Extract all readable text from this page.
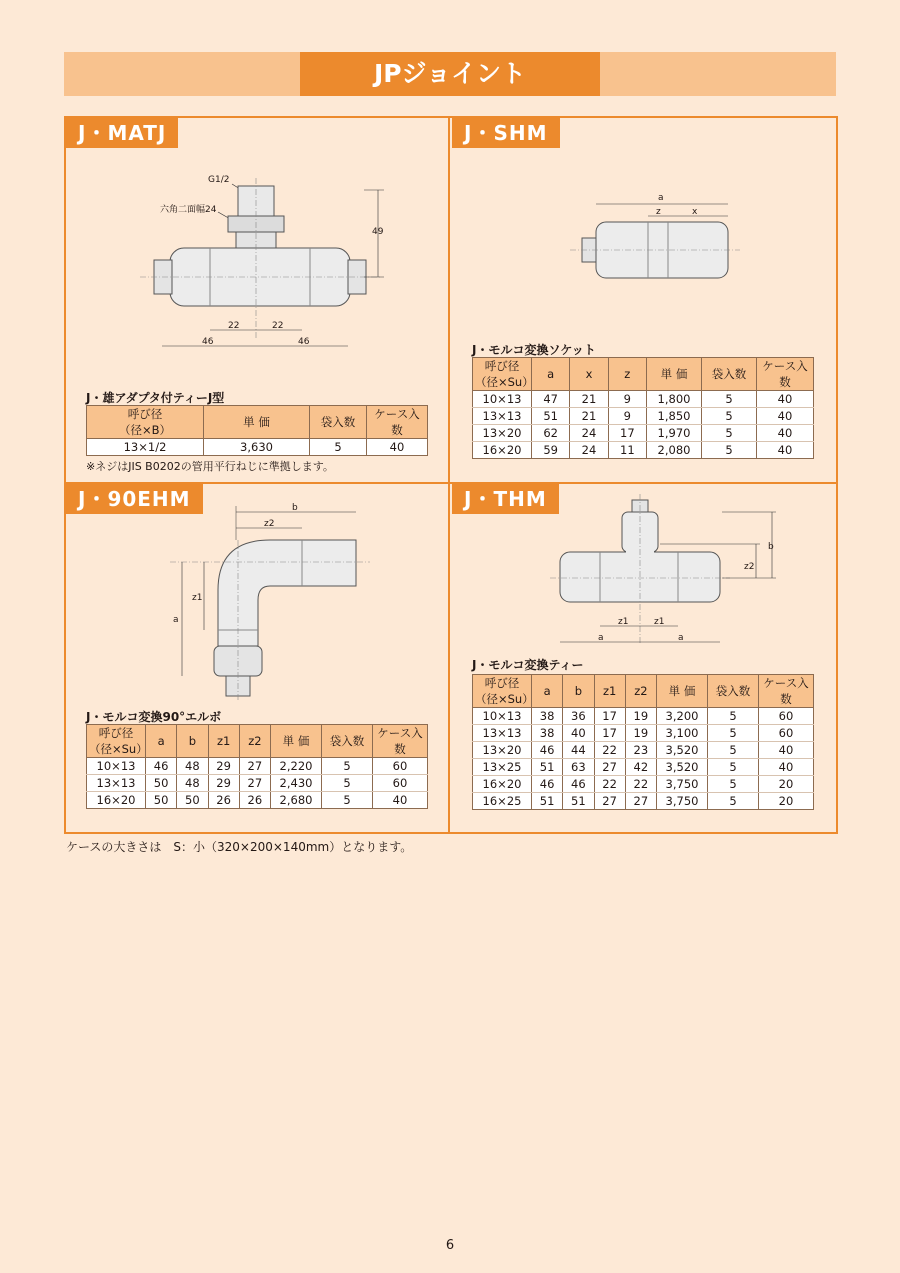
JPジョイント
J・MATJ
G1/2
六角二面幅24
49
22	22
46	46
J・雄アダプタ付ティーJ型
呼び径
（径×B）	単 価	袋入数	ケース入数
13×1/2	3,630	5	40
※ネジはJIS B0202の管用平行ねじに準拠します。
J・SHM
a
z	x
J・モルコ変換ソケット
呼び径
（径×Su）	a	x	z	単 価	袋入数	ケース入数
10×13	47	21	9	1,800	5	40
13×13	51	21	9	1,850	5	40
13×20	62	24	17	1,970	5	40
16×20	59	24	11	2,080	5	40
J・90EHM	b
z2
z1
a
J・モルコ変換90°エルボ
呼び径
（径×Su）	a	b	z1	z2	単 価	袋入数	ケース入数
10×13	46	48	29	27	2,220	5	60
13×13	50	48	29	27	2,430	5	60
16×20	50	50	26	26	2,680	5	40
J・THM
b
z2
z1	z1
a	a
J・モルコ変換ティー
呼び径
（径×Su）	a	b	z1	z2	単 価	袋入数	ケース入数
10×13	38	36	17	19	3,200	5	60
13×13	38	40	17	19	3,100	5	60
13×20	46	44	22	23	3,520	5	40
13×25	51	63	27	42	3,520	5	40
16×20	46	46	22	22	3,750	5	20
16×25	51	51	27	27	3,750	5	20
ケースの大きさは　S：小（320×200×140mm）となります。
6
